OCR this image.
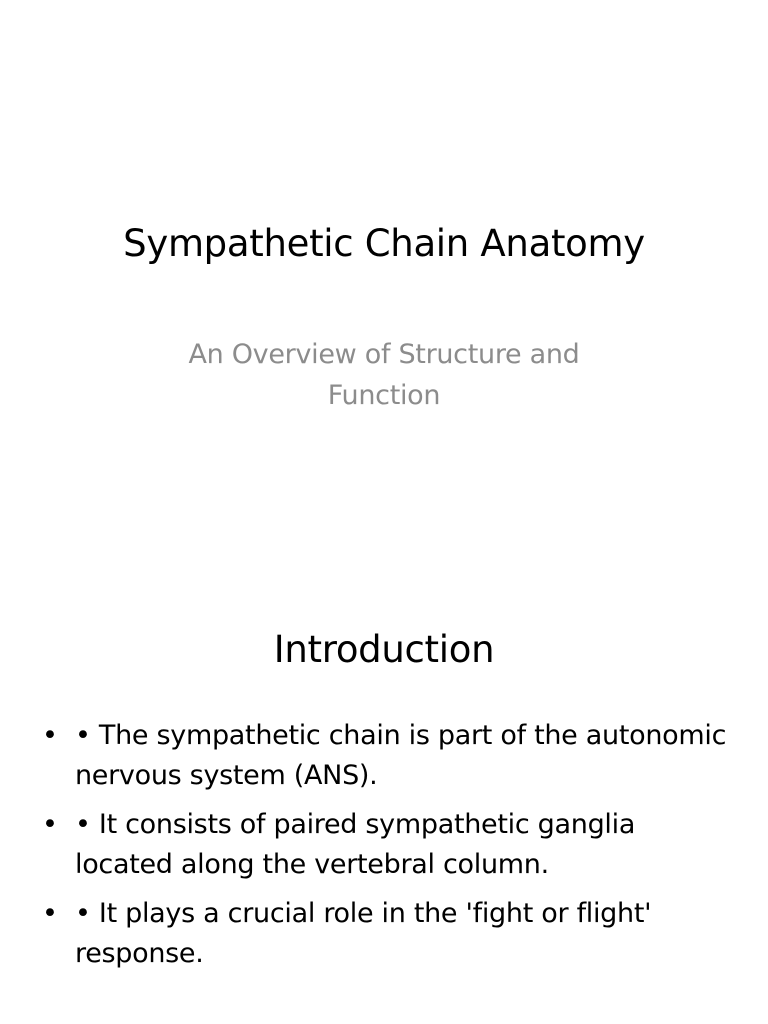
Sympathetic Chain Anatomy
An Overview of Structure and Function
Introduction
• • The sympathetic chain is part of the autonomic nervous system (ANS).
• • It consists of paired sympathetic ganglia located along the vertebral column.
• • It plays a crucial role in the 'fight or flight' response.
